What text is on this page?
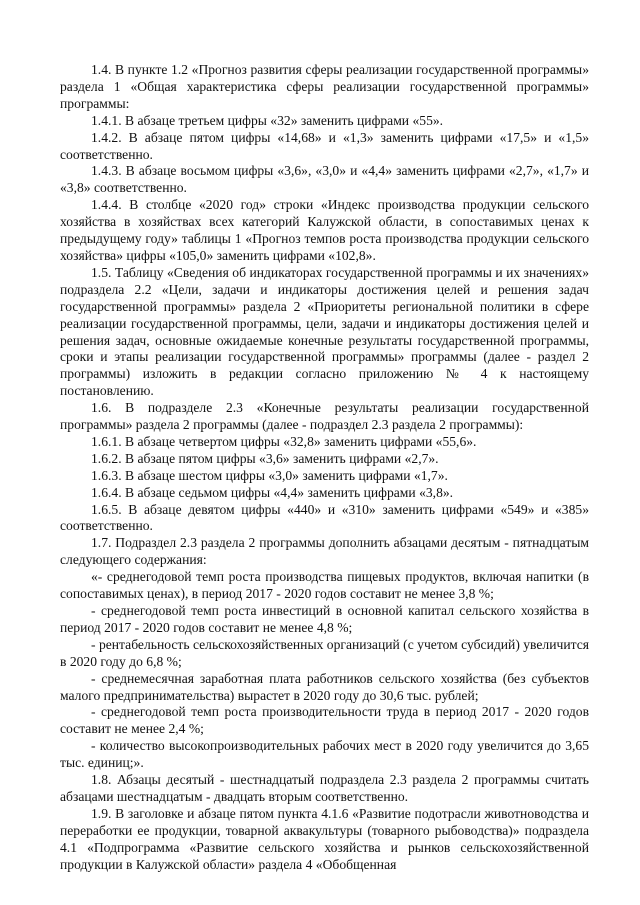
1.4. В пункте 1.2 «Прогноз развития сферы реализации государственной программы» раздела 1 «Общая характеристика сферы реализации государственной программы» программы:

1.4.1. В абзаце третьем цифры «32» заменить цифрами «55».

1.4.2. В абзаце пятом цифры «14,68» и «1,3» заменить цифрами «17,5» и «1,5» соответственно.

1.4.3. В абзаце восьмом цифры «3,6», «3,0» и «4,4» заменить цифрами «2,7», «1,7» и «3,8» соответственно.

1.4.4. В столбце «2020 год» строки «Индекс производства продукции сельского хозяйства в хозяйствах всех категорий Калужской области, в сопоставимых ценах к предыдущему году» таблицы 1 «Прогноз темпов роста производства продукции сельского хозяйства» цифры «105,0» заменить цифрами «102,8».

1.5. Таблицу «Сведения об индикаторах государственной программы и их значениях» подраздела 2.2 «Цели, задачи и индикаторы достижения целей и решения задач государственной программы» раздела 2 «Приоритеты региональной политики в сфере реализации государственной программы, цели, задачи и индикаторы достижения целей и решения задач, основные ожидаемые конечные результаты государственной программы, сроки и этапы реализации государственной программы» программы (далее - раздел 2 программы) изложить в редакции согласно приложению № 4 к настоящему постановлению.

1.6. В подразделе 2.3 «Конечные результаты реализации государственной программы» раздела 2 программы (далее - подраздел 2.3 раздела 2 программы):

1.6.1. В абзаце четвертом цифры «32,8» заменить цифрами «55,6».

1.6.2. В абзаце пятом цифры «3,6» заменить цифрами «2,7».

1.6.3. В абзаце шестом цифры «3,0» заменить цифрами «1,7».

1.6.4. В абзаце седьмом цифры «4,4» заменить цифрами «3,8».

1.6.5. В абзаце девятом цифры «440» и «310» заменить цифрами «549» и «385» соответственно.

1.7. Подраздел 2.3 раздела 2 программы дополнить абзацами десятым - пятнадцатым следующего содержания:

«- среднегодовой темп роста производства пищевых продуктов, включая напитки (в сопоставимых ценах), в период 2017 - 2020 годов составит не менее 3,8 %;

- среднегодовой темп роста инвестиций в основной капитал сельского хозяйства в период 2017 - 2020 годов составит не менее 4,8 %;

- рентабельность сельскохозяйственных организаций (с учетом субсидий) увеличится в 2020 году до 6,8 %;

- среднемесячная заработная плата работников сельского хозяйства (без субъектов малого предпринимательства) вырастет в 2020 году до 30,6 тыс. рублей;

- среднегодовой темп роста производительности труда в период 2017 - 2020 годов составит не менее 2,4 %;

- количество высокопроизводительных рабочих мест в 2020 году увеличится до 3,65 тыс. единиц;».

1.8. Абзацы десятый - шестнадцатый подраздела 2.3 раздела 2 программы считать абзацами шестнадцатым - двадцать вторым соответственно.

1.9. В заголовке и абзаце пятом пункта 4.1.6 «Развитие подотрасли животноводства и переработки ее продукции, товарной аквакультуры (товарного рыбоводства)» подраздела 4.1 «Подпрограмма «Развитие сельского хозяйства и рынков сельскохозяйственной продукции в Калужской области» раздела 4 «Обобщенная
